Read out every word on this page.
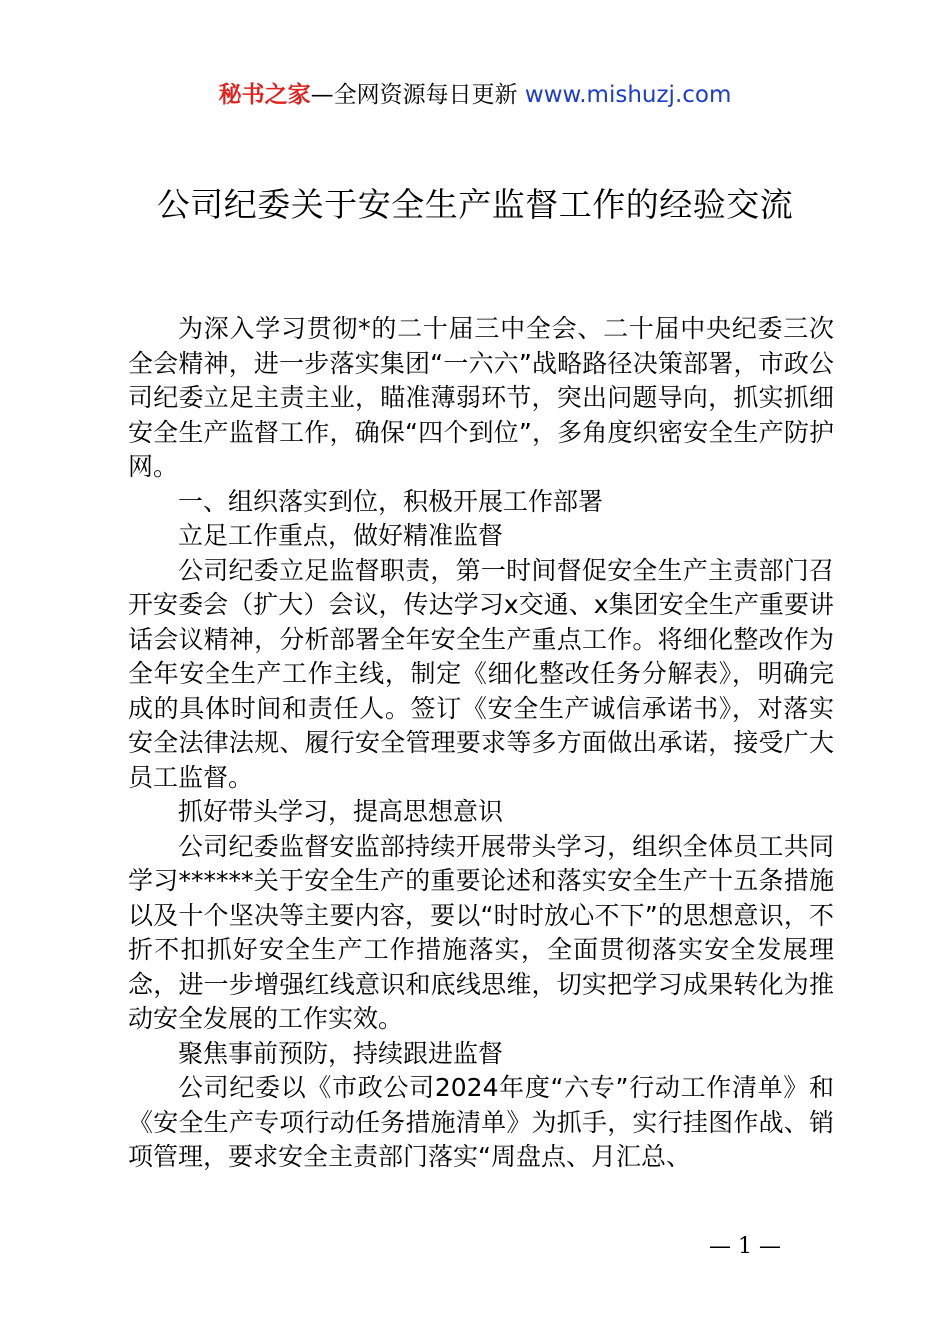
秘书之家—全网资源每日更新 www.mishuzj.com
公司纪委关于安全生产监督工作的经验交流

为深入学习贯彻*的二十届三中全会、二十届中央纪委三次全会精神，进一步落实集团“一六六”战略路径决策部署，市政公司纪委立足主责主业，瞄准薄弱环节，突出问题导向，抓实抓细安全生产监督工作，确保“四个到位”，多角度织密安全生产防护网。

一、组织落实到位，积极开展工作部署

立足工作重点，做好精准监督

公司纪委立足监督职责，第一时间督促安全生产主责部门召开安委会（扩大）会议，传达学习x交通、x集团安全生产重要讲话会议精神，分析部署全年安全生产重点工作。将细化整改作为全年安全生产工作主线，制定《细化整改任务分解表》，明确完成的具体时间和责任人。签订《安全生产诚信承诺书》，对落实安全法律法规、履行安全管理要求等多方面做出承诺，接受广大员工监督。

抓好带头学习，提高思想意识

公司纪委监督安监部持续开展带头学习，组织全体员工共同学习******关于安全生产的重要论述和落实安全生产十五条措施以及十个坚决等主要内容，要以“时时放心不下”的思想意识，不折不扣抓好安全生产工作措施落实，全面贯彻落实安全发展理念，进一步增强红线意识和底线思维，切实把学习成果转化为推动安全发展的工作实效。

聚焦事前预防，持续跟进监督

公司纪委以《市政公司2024年度“六专”行动工作清单》和《安全生产专项行动任务措施清单》为抓手，实行挂图作战、销项管理，要求安全主责部门落实“周盘点、月汇总、

— 1 —
